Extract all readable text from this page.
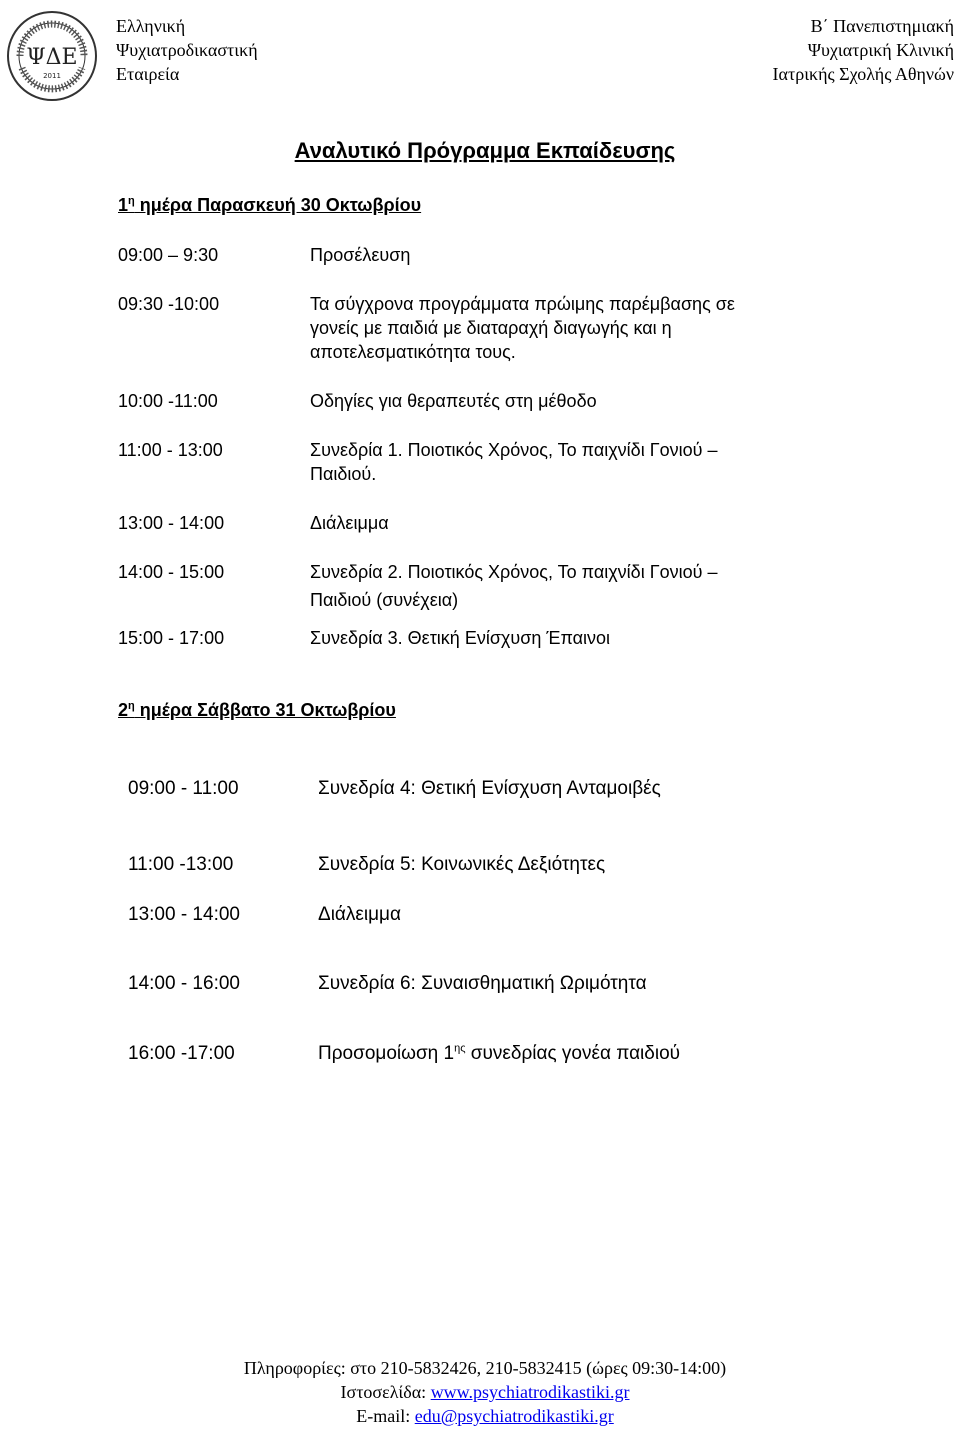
ΨΔΕ
2011
Ελληνική
Ψυχιατροδικαστική
Εταιρεία
Β΄ Πανεπιστημιακή
Ψυχιατρική Κλινική
Ιατρικής Σχολής Αθηνών
Αναλυτικό Πρόγραμμα Εκπαίδευσης
$1^\eta$ ημέρα Παρασκευή 30 Οκτωβρίου
09:00 – 9:30	Προσέλευση
09:30 -10:00	Τα σύγχρονα προγράμματα πρώιμης παρέμβασης σε
γονείς με παιδιά με διαταραχή διαγωγής και η
αποτελεσματικότητα τους.
10:00 -11:00	Οδηγίες για θεραπευτές στη μέθοδο
11:00 - 13:00	Συνεδρία 1. Ποιοτικός Χρόνος, Το παιχνίδι Γονιού –
Παιδιού.
13:00 - 14:00	Διάλειμμα
14:00 - 15:00	Συνεδρία 2. Ποιοτικός Χρόνος, Το παιχνίδι Γονιού –
Παιδιού (συνέχεια)
15:00 - 17:00	Συνεδρία 3. Θετική Ενίσχυση Έπαινοι
$2^\eta$ ημέρα Σάββατο 31 Οκτωβρίου
09:00 - 11:00	Συνεδρία 4: Θετική Ενίσχυση Ανταμοιβές
11:00 -13:00	Συνεδρία 5: Κοινωνικές Δεξιότητες
13:00 - 14:00	Διάλειμμα
14:00 - 16:00	Συνεδρία 6: Συναισθηματική Ωριμότητα
16:00 -17:00	Προσομοίωση $1^{\eta\varsigma}$ συνεδρίας γονέα παιδιού
Πληροφορίες: στο 210-5832426, 210-5832415 (ώρες 09:30-14:00)
Ιστοσελίδα: www.psychiatrodikastiki.gr
E-mail: edu@psychiatrodikastiki.gr
